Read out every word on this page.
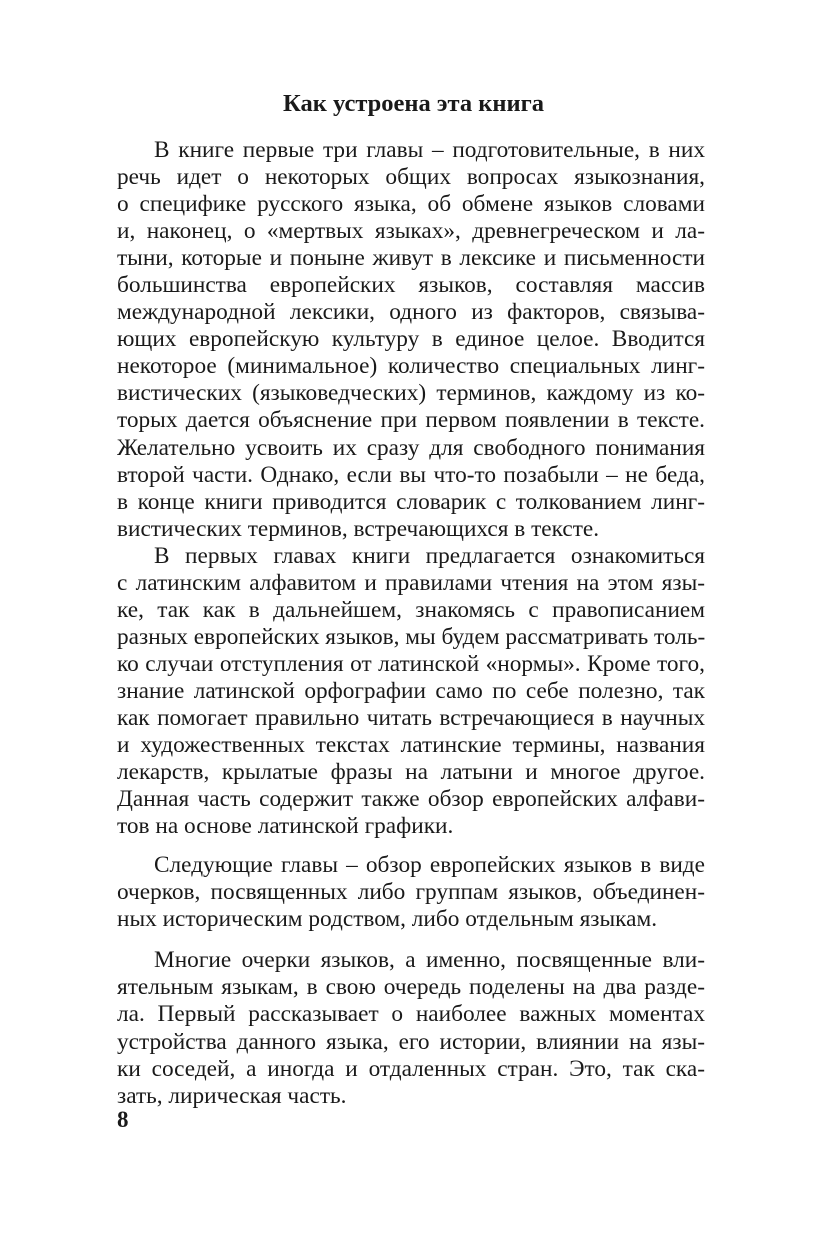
Как устроена эта книга

В книге первые три главы – подготовительные, в них
речь идет о некоторых общих вопросах языкознания,
о специфике русского языка, об обмене языков словами
и, наконец, о «мертвых языках», древнегреческом и ла-
тыни, которые и поныне живут в лексике и письменности
большинства европейских языков, составляя массив
международной лексики, одного из факторов, связыва-
ющих европейскую культуру в единое целое. Вводится
некоторое (минимальное) количество специальных линг-
вистических (языковедческих) терминов, каждому из ко-
торых дается объяснение при первом появлении в тексте.
Желательно усвоить их сразу для свободного понимания
второй части. Однако, если вы что-то позабыли – не беда,
в конце книги приводится словарик с толкованием линг-
вистических терминов, встречающихся в тексте.

В первых главах книги предлагается ознакомиться
с латинским алфавитом и правилами чтения на этом язы-
ке, так как в дальнейшем, знакомясь с правописанием
разных европейских языков, мы будем рассматривать толь-
ко случаи отступления от латинской «нормы». Кроме того,
знание латинской орфографии само по себе полезно, так
как помогает правильно читать встречающиеся в научных
и художественных текстах латинские термины, названия
лекарств, крылатые фразы на латыни и многое другое.
Данная часть содержит также обзор европейских алфави-
тов на основе латинской графики.

Следующие главы – обзор европейских языков в виде
очерков, посвященных либо группам языков, объединен-
ных историческим родством, либо отдельным языкам.

Многие очерки языков, а именно, посвященные вли-
ятельным языкам, в свою очередь поделены на два разде-
ла. Первый рассказывает о наиболее важных моментах
устройства данного языка, его истории, влиянии на язы-
ки соседей, а иногда и отдаленных стран. Это, так ска-
зать, лирическая часть.

8
